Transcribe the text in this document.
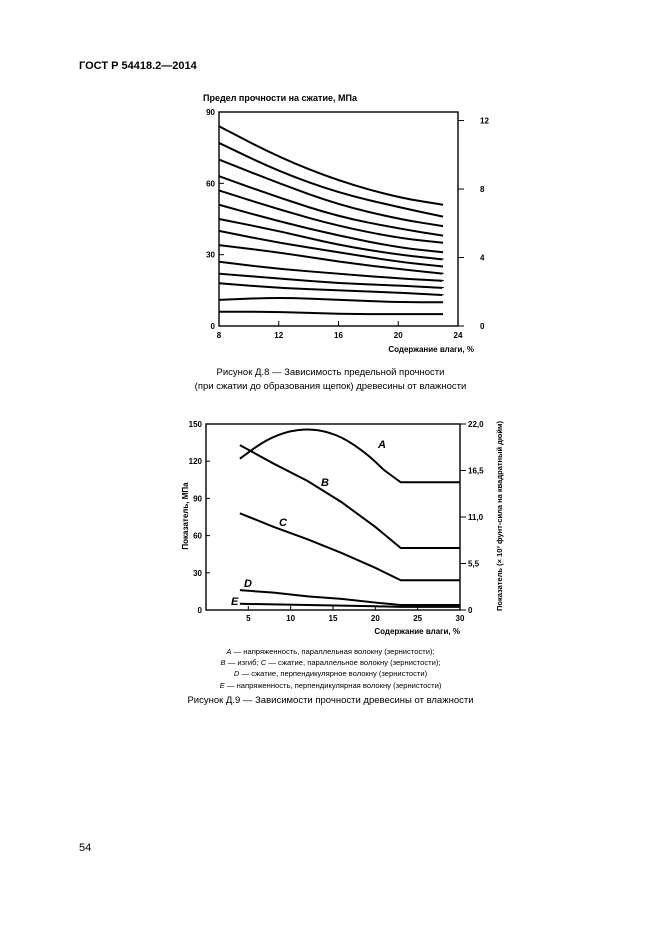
ГОСТ Р 54418.2—2014
Предел прочности на сжатие, МПа
8	12	16	20	24
0
30
60
90
0
4
8
12
Содержание влаги, %
Рисунок Д.8 — Зависимость предельной прочности
(при сжатии до образования щепок) древесины от влажности
5	10	15	20	25	30
0
30
60
90
120
150
0
5,5
11,0
16,5
22,0
Содержание влаги, %
Показатель, МПа	Показатель (× 10³ фунт-сила на квадратный дюйм)
A
B
C
D
E
A — напряженность, параллельная волокну (зернистости);
B — изгиб; C — сжатие, параллельное волокну (зернистости);
D — сжатие, перпендикулярное волокну (зернистости)
E — напряженность, перпендикулярная волокну (зернистости)
Рисунок Д.9 — Зависимости прочности древесины от влажности
54
